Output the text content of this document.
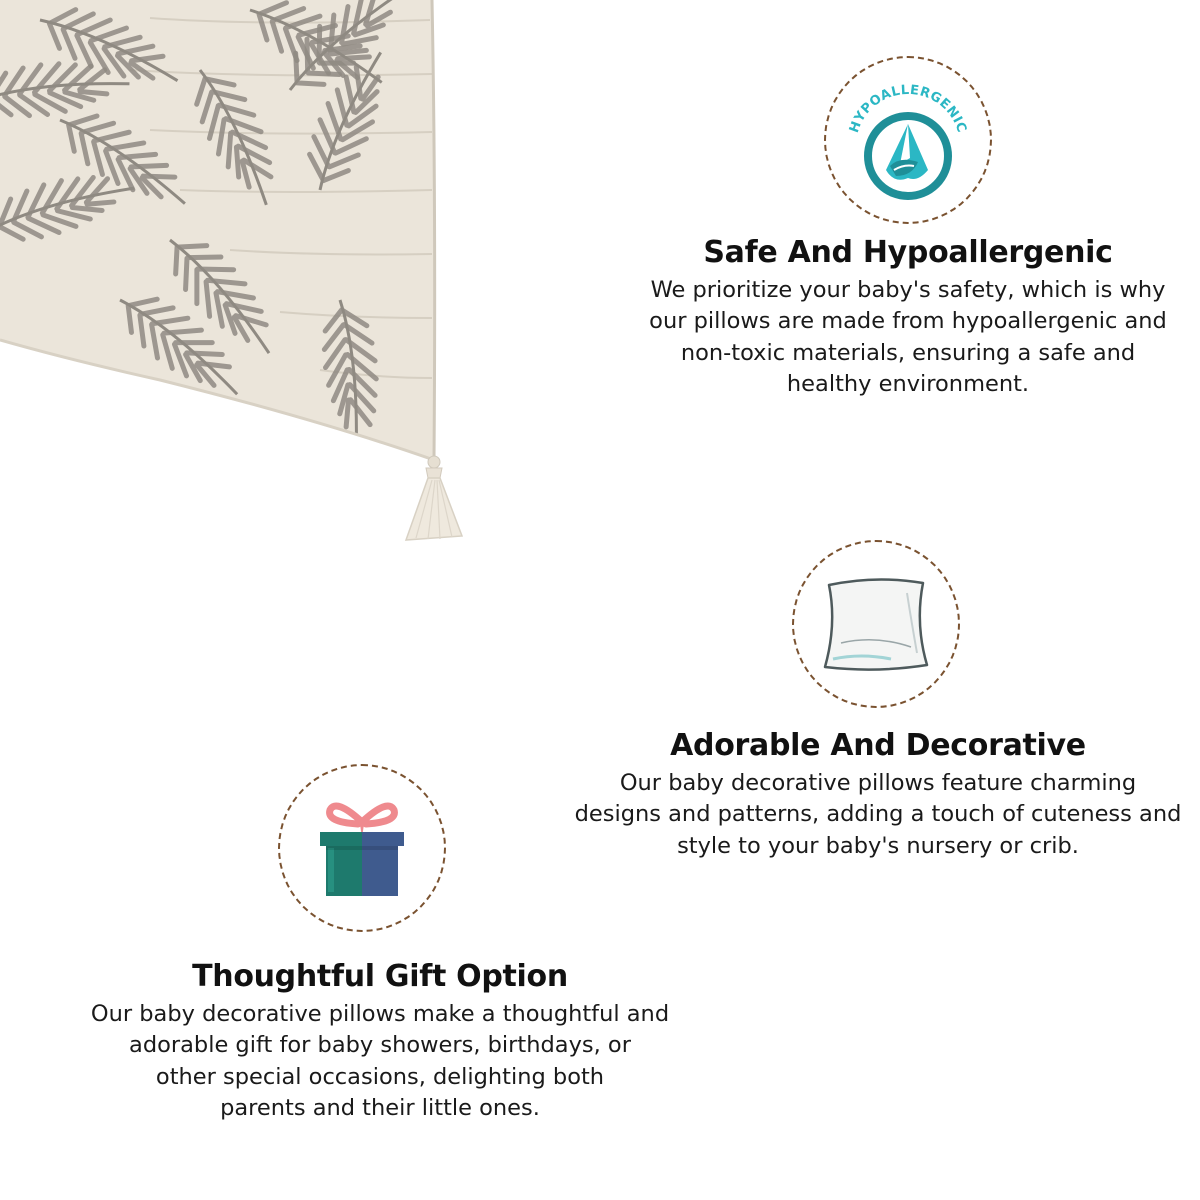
HYPOALLERGENIC
Safe And Hypoallergenic

We prioritize your baby's safety, which is why
our pillows are made from hypoallergenic and
non-toxic materials, ensuring a safe and
healthy environment.

Adorable And Decorative

Our baby decorative pillows feature charming
designs and patterns, adding a touch of cuteness and
style to your baby's nursery or crib.

Thoughtful Gift Option

Our baby decorative pillows make a thoughtful and
adorable gift for baby showers, birthdays, or
other special occasions, delighting both
parents and their little ones.
